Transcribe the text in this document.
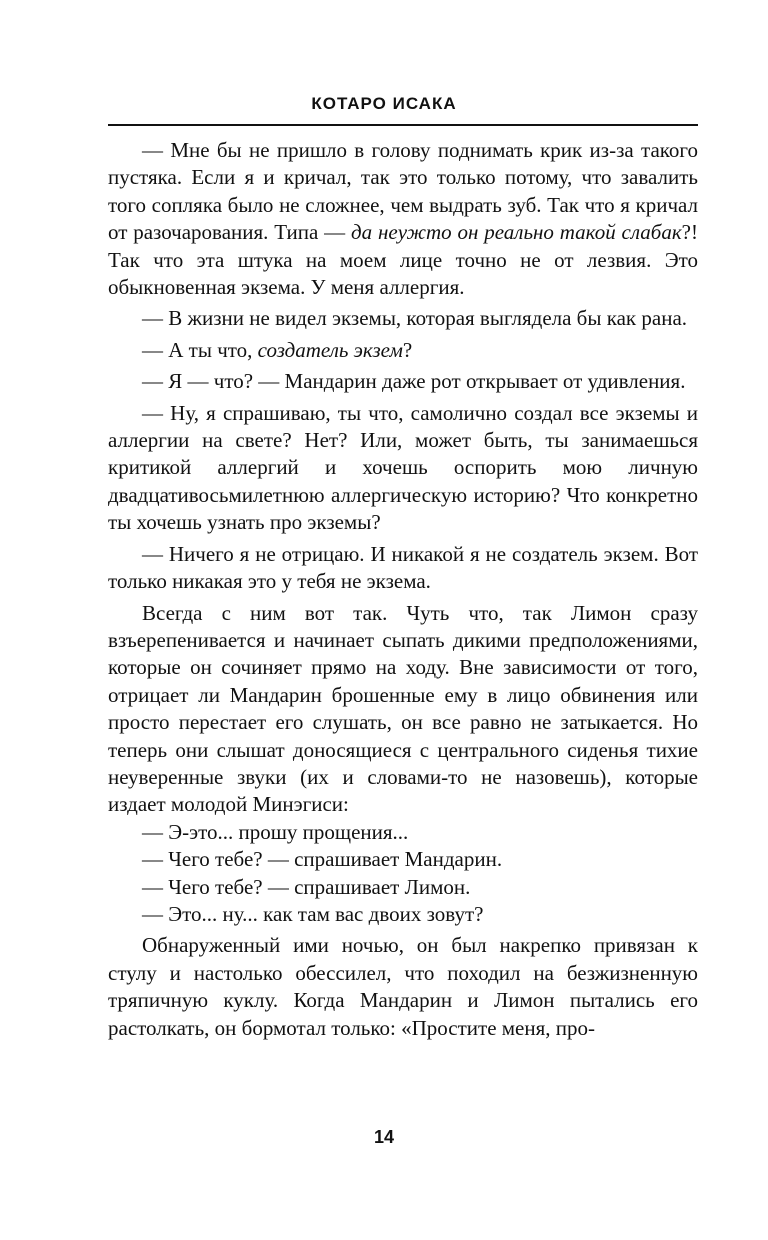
КОТАРО ИСАКА

— Мне бы не пришло в голову поднимать крик из-за такого пустяка. Если я и кричал, так это только потому, что завалить того сопляка было не сложнее, чем выдрать зуб. Так что я кричал от разочарования. Типа — да неужто он реально такой слабак?! Так что эта штука на моем лице точно не от лезвия. Это обыкновенная экзема. У меня аллергия.

— В жизни не видел экземы, которая выглядела бы как рана.

— А ты что, создатель экзем?

— Я — что? — Мандарин даже рот открывает от удивления.

— Ну, я спрашиваю, ты что, самолично создал все экземы и аллергии на свете? Нет? Или, может быть, ты занимаешься критикой аллергий и хочешь оспорить мою личную двадцативосьмилетнюю аллергическую историю? Что конкретно ты хочешь узнать про экземы?

— Ничего я не отрицаю. И никакой я не создатель экзем. Вот только никакая это у тебя не экзема.

Всегда с ним вот так. Чуть что, так Лимон сразу взъерепенивается и начинает сыпать дикими предположениями, которые он сочиняет прямо на ходу. Вне зависимости от того, отрицает ли Мандарин брошенные ему в лицо обвинения или просто перестает его слушать, он все равно не затыкается. Но теперь они слышат доносящиеся с центрального сиденья тихие неуверенные звуки (их и словами-то не назовешь), которые издает молодой Минэгиси:

— Э-это... прошу прощения...

— Чего тебе? — спрашивает Мандарин.

— Чего тебе? — спрашивает Лимон.

— Это... ну... как там вас двоих зовут?

Обнаруженный ими ночью, он был накрепко привязан к стулу и настолько обессилел, что походил на безжизненную тряпичную куклу. Когда Мандарин и Лимон пытались его растолкать, он бормотал только: «Простите меня, про-

14
